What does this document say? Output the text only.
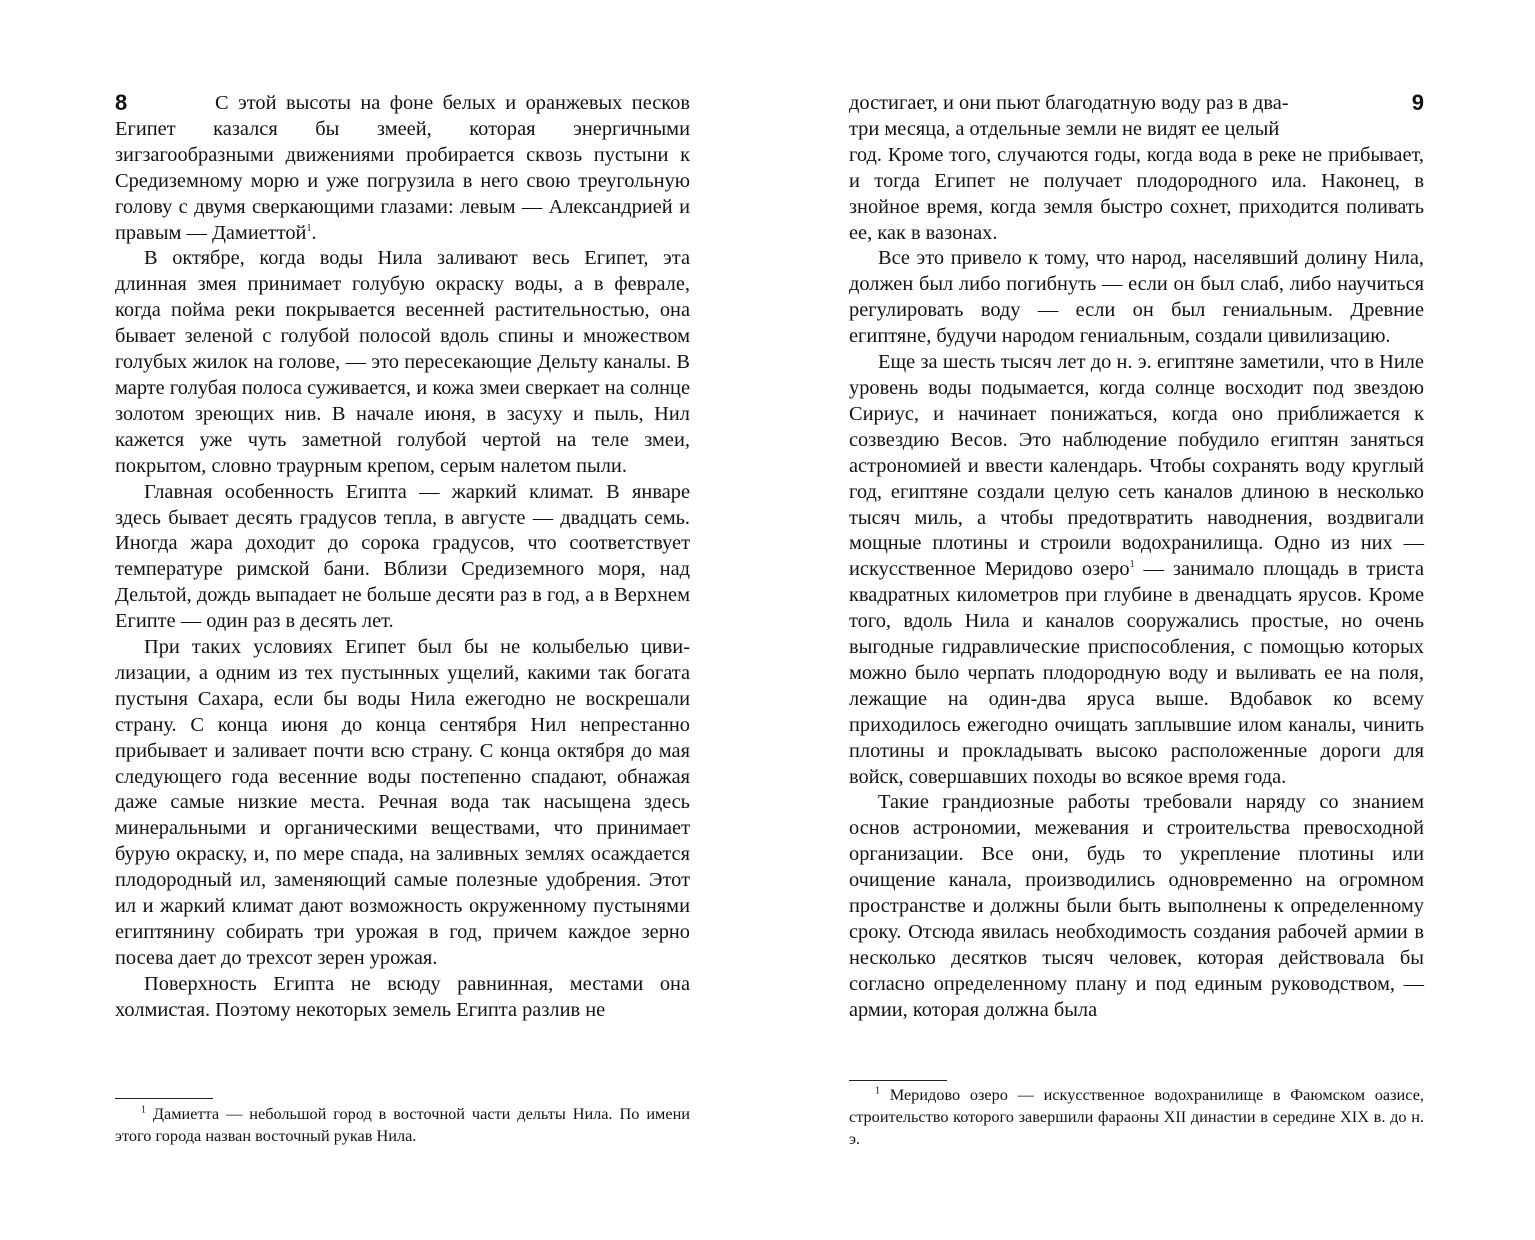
8	С этой высоты на фоне белых и оранжевых песков Египет казался бы змеей, которая энергичными зигзагообразными движениями пробирается сквозь пустыни к Средиземному морю и уже погрузила в него свою треугольную голову с двумя сверкающими глазами: левым — Александрией и правым — Дамиеттой$^1$.

В октябре, когда воды Нила заливают весь Египет, эта длинная змея принимает голубую окраску воды, а в феврале, когда пойма реки покрывается весенней растительностью, она бывает зеленой с голубой полосой вдоль спины и множеством голубых жилок на голове, — это пересекающие Дельту каналы. В марте голубая полоса суживается, и кожа змеи сверкает на солнце золотом зреющих нив. В начале июня, в засуху и пыль, Нил кажется уже чуть заметной голубой чертой на теле змеи, покрытом, словно траурным крепом, серым налетом пыли.

Главная особенность Египта — жаркий климат. В январе здесь бывает десять градусов тепла, в августе — двадцать семь. Иногда жара доходит до сорока градусов, что соответствует температуре римской бани. Вблизи Средиземного моря, над Дельтой, дождь выпадает не больше десяти раз в год, а в Верхнем Египте — один раз в десять лет.

При таких условиях Египет был бы не колыбелью цивилизации, а одним из тех пустынных ущелий, какими так богата пустыня Сахара, если бы воды Нила ежегодно не воскрешали страну. С конца июня до конца сентября Нил непрестанно прибывает и заливает почти всю страну. С конца октября до мая следующего года весенние воды постепенно спадают, обнажая даже самые низкие места. Речная вода так насыщена здесь минеральными и органическими веществами, что принимает бурую окраску, и, по мере спада, на заливных землях осаждается плодородный ил, заменяющий самые полезные удобрения. Этот ил и жаркий климат дают возможность окруженному пустынями египтянину собирать три урожая в год, причем каждое зерно посева дает до трехсот зерен урожая.

Поверхность Египта не всюду равнинная, местами она холмистая. Поэтому некоторых земель Египта разлив не

$^1$ Дамиетта — небольшой город в восточной части дельты Нила. По имени этого города назван восточный рукав Нила.

9

достигает, и они пьют благодатную воду раз в два-
три месяца, а отдельные земли не видят ее целый
год. Кроме того, случаются годы, когда вода в реке не прибывает, и тогда Египет не получает плодородного ила. Наконец, в знойное время, когда земля быстро сохнет, приходится поливать ее, как в вазонах.

Все это привело к тому, что народ, населявший долину Нила, должен был либо погибнуть — если он был слаб, либо научиться регулировать воду — если он был гениальным. Древние египтяне, будучи народом гениальным, создали цивилизацию.

Еще за шесть тысяч лет до н. э. египтяне заметили, что в Ниле уровень воды подымается, когда солнце восходит под звездою Сириус, и начинает понижаться, когда оно приближается к созвездию Весов. Это наблюдение побудило египтян заняться астрономией и ввести календарь. Чтобы сохранять воду круглый год, египтяне создали целую сеть каналов длиною в несколько тысяч миль, а чтобы предотвратить наводнения, воздвигали мощные плотины и строили водохранилища. Одно из них — искусственное Меридово озеро$^1$ — занимало площадь в триста квадратных километров при глубине в двенадцать ярусов. Кроме того, вдоль Нила и каналов сооружались простые, но очень выгодные гидравлические приспособления, с помощью которых можно было черпать плодородную воду и выливать ее на поля, лежащие на один-два яруса выше. Вдобавок ко всему приходилось ежегодно очищать заплывшие илом каналы, чинить плотины и прокладывать высоко расположенные дороги для войск, совершавших походы во всякое время года.

Такие грандиозные работы требовали наряду со знанием основ астрономии, межевания и строительства превосходной организации. Все они, будь то укрепление плотины или очищение канала, производились одновременно на огромном пространстве и должны были быть выполнены к определенному сроку. Отсюда явилась необходимость создания рабочей армии в несколько десятков тысяч человек, которая действовала бы согласно определенному плану и под единым руководством, — армии, которая должна была

$^1$ Меридово озеро — искусственное водохранилище в Фаюмском оазисе, строительство которого завершили фараоны XII династии в середине XIX в. до н. э.
